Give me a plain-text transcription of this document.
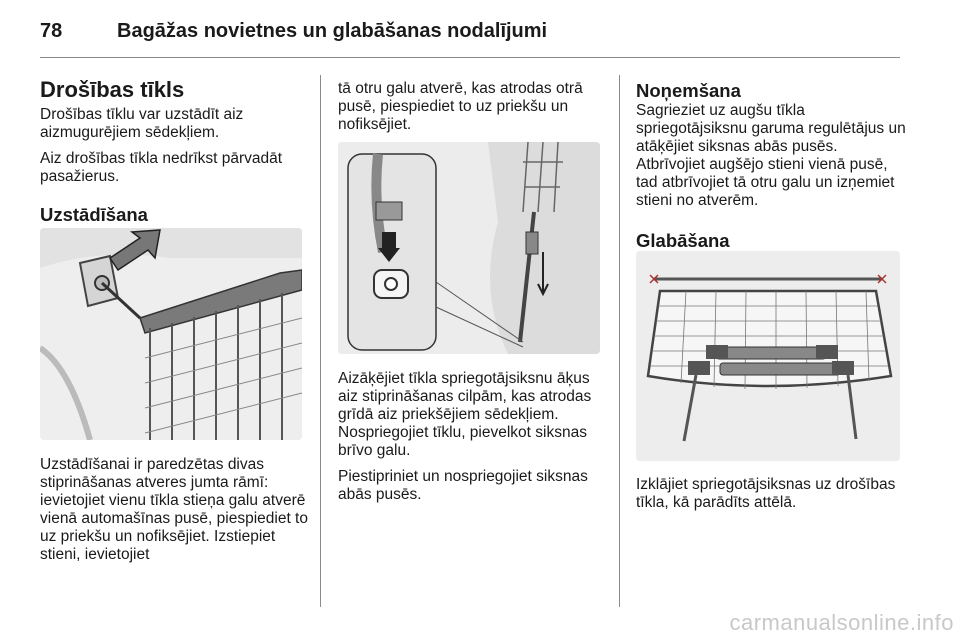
78	Bagāžas novietnes un glabāšanas nodalījumi
Drošības tīkls

Drošības tīklu var uzstādīt aiz aizmugurējiem sēdekļiem.

Aiz drošības tīkla nedrīkst pārvadāt pasažierus.

Uzstādīšana

Uzstādīšanai ir paredzētas divas stiprināšanas atveres jumta rāmī: ievietojiet vienu tīkla stieņa galu atverē vienā automašīnas pusē, piespiediet to uz priekšu un nofiksējiet. Izstiepiet stieni, ievietojiet

tā otru galu atverē, kas atrodas otrā pusē, piespiediet to uz priekšu un nofiksējiet.

Aizāķējiet tīkla spriegotājsiksnu āķus aiz stiprināšanas cilpām, kas atrodas grīdā aiz priekšējiem sēdekļiem. Nospriegojiet tīklu, pievelkot siksnas brīvo galu.

Piestipriniet un nospriegojiet siksnas abās pusēs.

Noņemšana

Sagrieziet uz augšu tīkla spriegotājsiksnu garuma regulētājus un atāķējiet siksnas abās pusēs. Atbrīvojiet augšējo stieni vienā pusē, tad atbrīvojiet tā otru galu un izņemiet stieni no atverēm.

Glabāšana

Izklājiet spriegotājsiksnas uz drošības tīkla, kā parādīts attēlā.

carmanualsonline.info
